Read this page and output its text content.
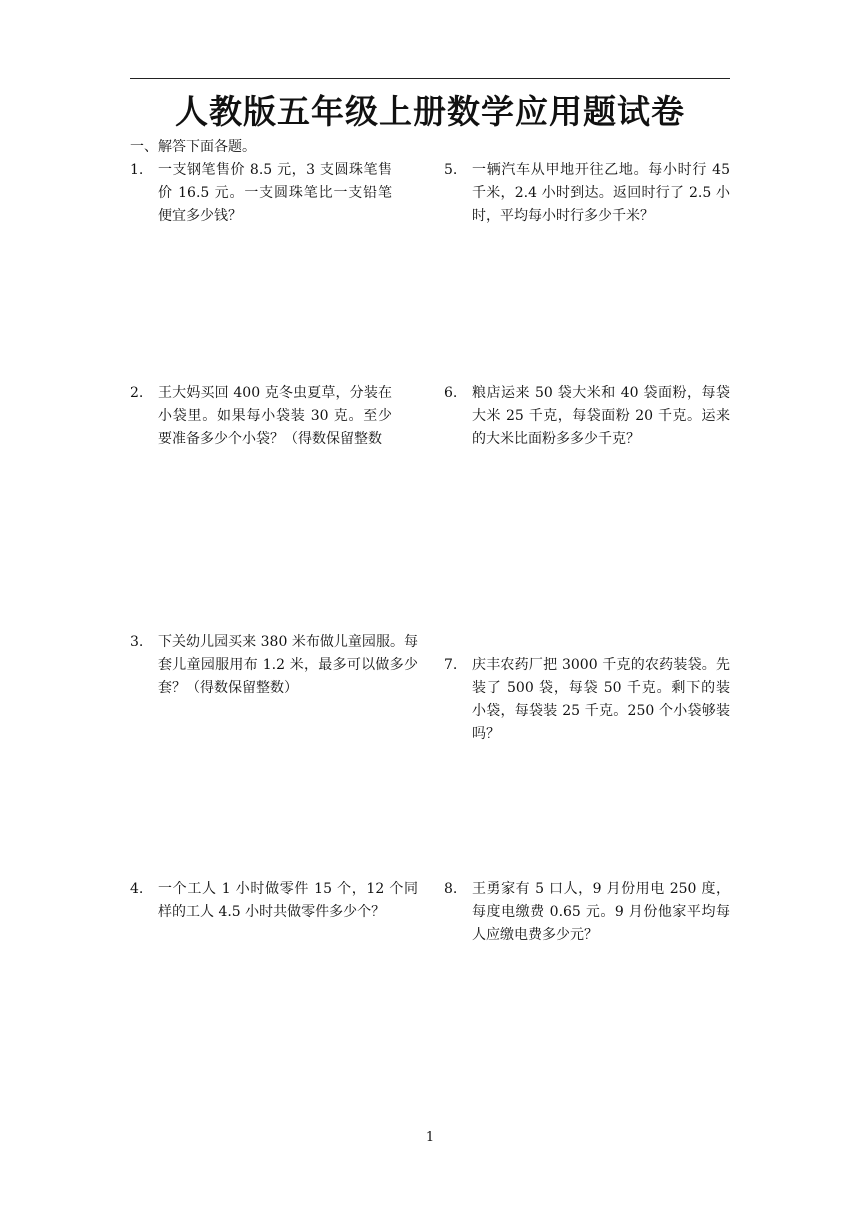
人教版五年级上册数学应用题试卷
一、解答下面各题。
1. 一支钢笔售价 8.5 元，3 支圆珠笔售价 16.5 元。一支圆珠笔比一支铅笔便宜多少钱？
2. 王大妈买回 400 克冬虫夏草，分装在小袋里。如果每小袋装 30 克。至少要准备多少个小袋？（得数保留整数
3. 下关幼儿园买来 380 米布做儿童园服。每套儿童园服用布 1.2 米，最多可以做多少套？（得数保留整数）
4. 一个工人 1 小时做零件 15 个，12 个同样的工人 4.5 小时共做零件多少个？
5. 一辆汽车从甲地开往乙地。每小时行 45 千米，2.4 小时到达。返回时行了 2.5 小时，平均每小时行多少千米？
6. 粮店运来 50 袋大米和 40 袋面粉，每袋大米 25 千克，每袋面粉 20 千克。运来的大米比面粉多多少千克？
7. 庆丰农药厂把 3000 千克的农药装袋。先装了 500 袋，每袋 50 千克。剩下的装小袋，每袋装 25 千克。250 个小袋够装吗？
8. 王勇家有 5 口人，9 月份用电 250 度，每度电缴费 0.65 元。9 月份他家平均每人应缴电费多少元？
1
